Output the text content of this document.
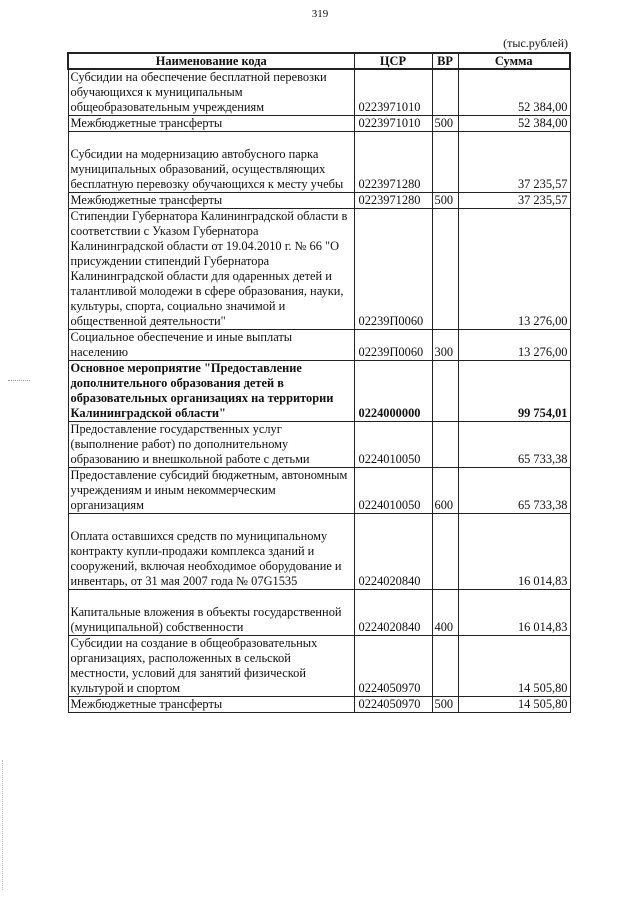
319
(тыс.рублей)
Наименование кода	ЦСР	ВР	Сумма
Субсидии на обеспечение бесплатной перевозки обучающихся к муниципальным общеобразовательным учреждениям	0223971010		52 384,00
Межбюджетные трансферты	0223971010	500	52 384,00
Субсидии на модернизацию автобусного парка муниципальных образований, осуществляющих бесплатную перевозку обучающихся к месту учебы	0223971280		37 235,57
Межбюджетные трансферты	0223971280	500	37 235,57
Стипендии Губернатора Калининградской области в соответствии с Указом Губернатора Калининградской области от 19.04.2010 г. № 66 "О присуждении стипендий Губернатора Калининградской области для одаренных детей и талантливой молодежи в сфере образования, науки, культуры, спорта, социально значимой и общественной деятельности"	02239П0060		13 276,00
Социальное обеспечение и иные выплаты населению	02239П0060	300	13 276,00
Основное мероприятие "Предоставление дополнительного образования детей в образовательных организациях на территории Калининградской области"	0224000000		99 754,01
Предоставление государственных услуг (выполнение работ) по дополнительному образованию и внешкольной работе с детьми	0224010050		65 733,38
Предоставление субсидий бюджетным, автономным учреждениям и иным некоммерческим организациям	0224010050	600	65 733,38
Оплата оставшихся средств по муниципальному контракту купли-продажи комплекса зданий и сооружений, включая необходимое оборудование и инвентарь, от 31 мая 2007 года № 07G1535	0224020840		16 014,83
Капитальные вложения в объекты государственной (муниципальной) собственности	0224020840	400	16 014,83
Субсидии на создание в общеобразовательных организациях, расположенных в сельской местности, условий для занятий физической культурой и спортом	0224050970		14 505,80
Межбюджетные трансферты	0224050970	500	14 505,80
